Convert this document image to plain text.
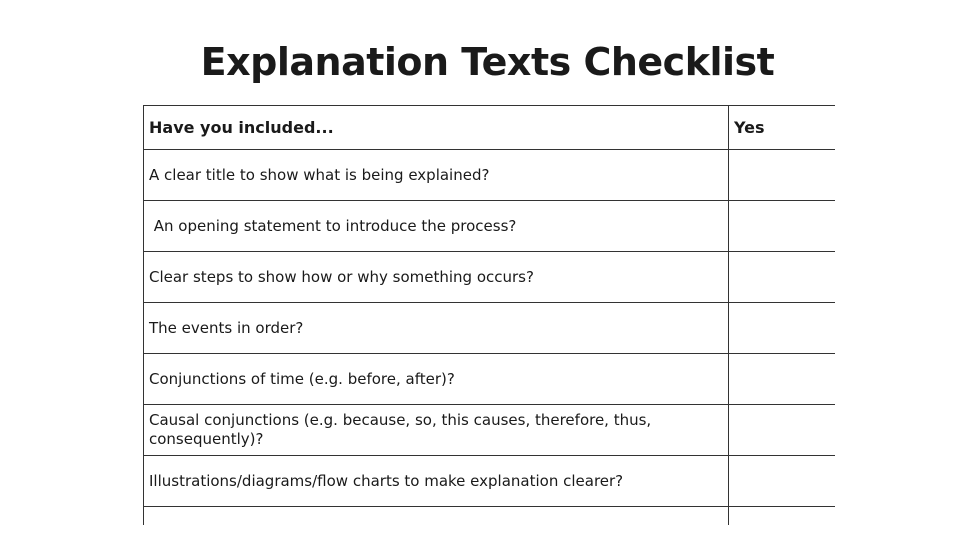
Explanation Texts Checklist
Have you included...	Yes
A clear title to show what is being explained?	
An opening statement to introduce the process?	
Clear steps to show how or why something occurs?	
The events in order?	
Conjunctions of time (e.g. before, after)?	
Causal conjunctions (e.g. because, so, this causes, therefore, thus, consequently)?	
Illustrations/diagrams/flow charts to make explanation clearer?	
